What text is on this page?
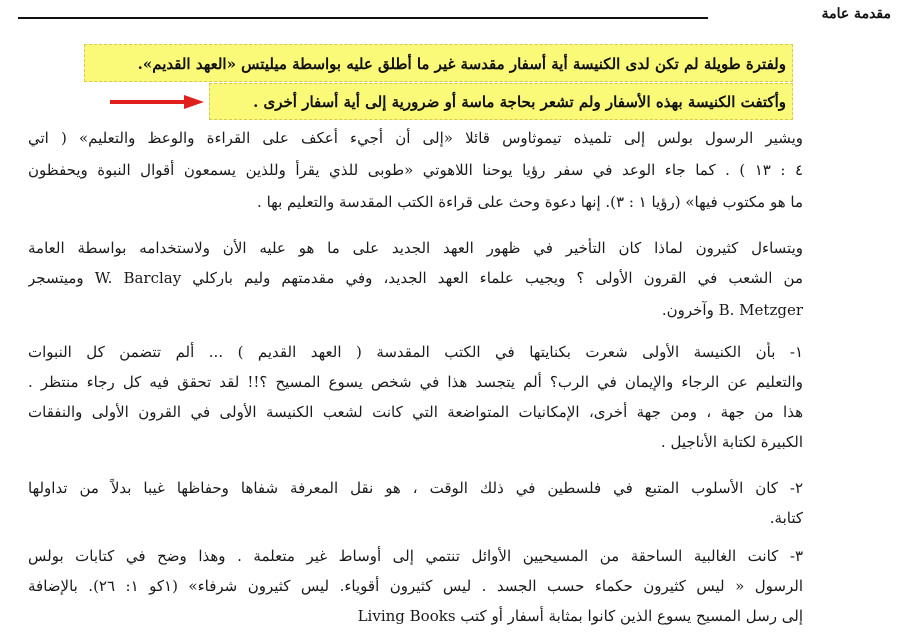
مقدمة عامة
ولفترة طويلة لم تكن لدى الكنيسة أية أسفار مقدسة غير ما أطلق عليه بواسطة ميليتس «العهد القديم».
وأكتفت الكنيسة بهذه الأسفار ولم تشعر بحاجة ماسة أو ضرورية إلى أية أسفار أخرى .
ويشير الرسول بولس إلى تلميذه تيموثاوس قائلا «إلى أن أجيء أعكف على القراءة والوعظ والتعليم» ( اتي
٤ : ١٣ ) . كما جاء الوعد في سفر رؤيا يوحنا اللاهوتي «طوبى للذي يقرأ وللذين يسمعون أقوال النبوة ويحفظون
ما هو مكتوب فيها» (رؤيا ١ : ٣). إنها دعوة وحث على قراءة الكتب المقدسة والتعليم بها .
ويتساءل كثيرون لماذا كان التأخير في ظهور العهد الجديد على ما هو عليه الأن ولاستخدامه بواسطة العامة
من الشعب في القرون الأولى ؟ ويجيب علماء العهد الجديد، وفي مقدمتهم وليم باركلي W. Barclay وميتسجر
B. Metzger وآخرون.
١- بأن الكنيسة الأولى شعرت بكنايتها في الكتب المقدسة ( العهد القديم ) ... ألم تتضمن كل النبوات
والتعليم عن الرجاء والإيمان في الرب؟ ألم يتجسد هذا في شخص يسوع المسيح ؟!! لقد تحقق فيه كل رجاء منتظر .
هذا من جهة ، ومن جهة أخرى، الإمكانيات المتواضعة التي كانت لشعب الكنيسة الأولى في القرون الأولى والنفقات
الكبيرة لكتابة الأناجيل .
٢- كان الأسلوب المتبع في فلسطين في ذلك الوقت ، هو نقل المعرفة شفاها وحفاظها غيبا بدلاً من تداولها
كتابة.
٣- كانت الغالبية الساحقة من المسيحيين الأوائل تنتمي إلى أوساط غير متعلمة . وهذا وضح في كتابات بولس
الرسول « ليس كثيرون حكماء حسب الجسد . ليس كثيرون أقوياء. ليس كثيرون شرفاء» (١كو ١: ٢٦). بالإضافة
إلى رسل المسيح يسوع الذين كانوا بمثابة أسفار أو كتب Living Books
